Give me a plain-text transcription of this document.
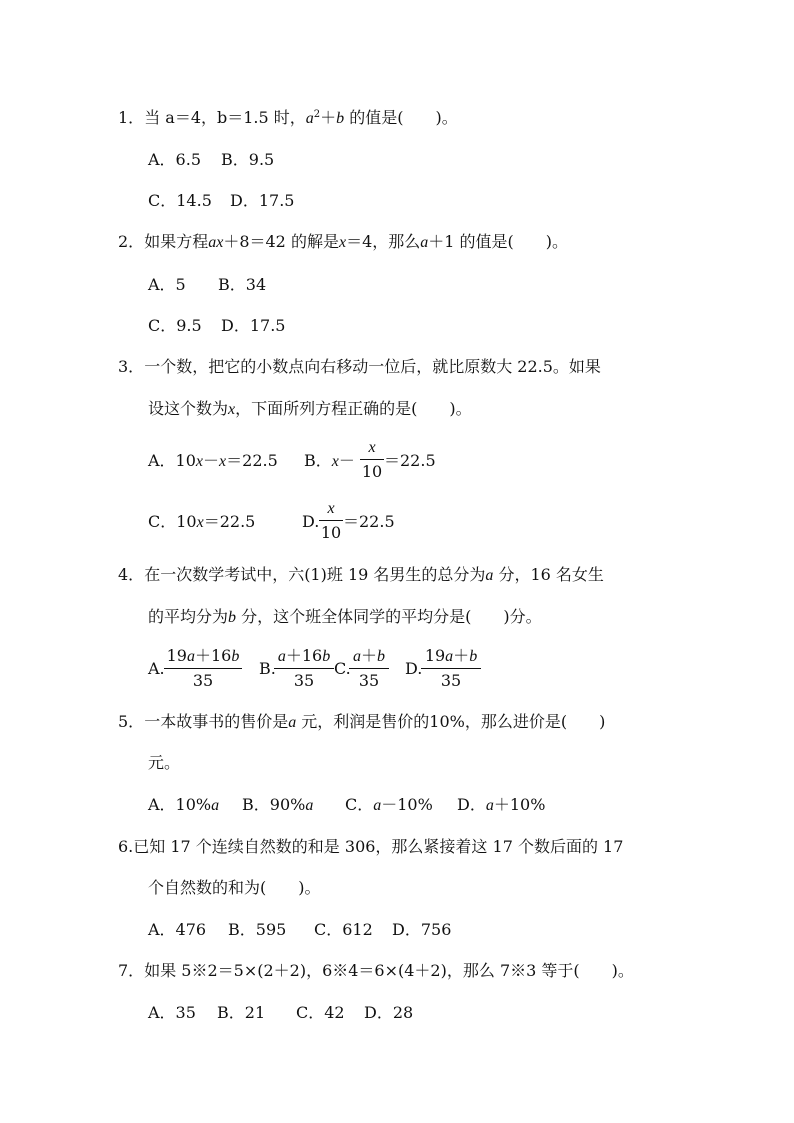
1．当 a＝4，b＝1.5 时，$a^2+b$ 的值是(　　)。
A．6.5 B．9.5
C．14.5 D．17.5
2．如果方程ax＋8＝42 的解是x＝4，那么a＋1 的值是(　　)。
A．5 B．34
C．9.5 D．17.5
3．一个数，把它的小数点向右移动一位后，就比原数大 22.5。如果
设这个数为x，下面所列方程正确的是(　　)。
A．10x－x＝22.5 B．$x- \frac{x}{10} =22.5$
C．10x＝22.5	D. $\frac{x}{10} =22.5$
4．在一次数学考试中，六(1)班 19 名男生的总分为a 分，16 名女生
的平均分为b 分，这个班全体同学的平均分是(　　)分。
A. $\frac{19a+16b}{35} B$.
$\frac{a+16b}{35} C$.
$\frac{a+b}{35} D$.
$\frac{19a+b}{35}$
5．一本故事书的售价是a 元，利润是售价的10%，那么进价是(　　)
元。
A．10%a B．90%a C．a－10% D．a＋10%
6.已知 17 个连续自然数的和是 306，那么紧接着这 17 个数后面的 17
个自然数的和为(　　)。
A．476 B．595 C．612 D．756
7．如果 5※2＝5×(2＋2)，6※4＝6×(4＋2)，那么 7※3 等于(　　)。
A．35 B．21 C．42 D．28
